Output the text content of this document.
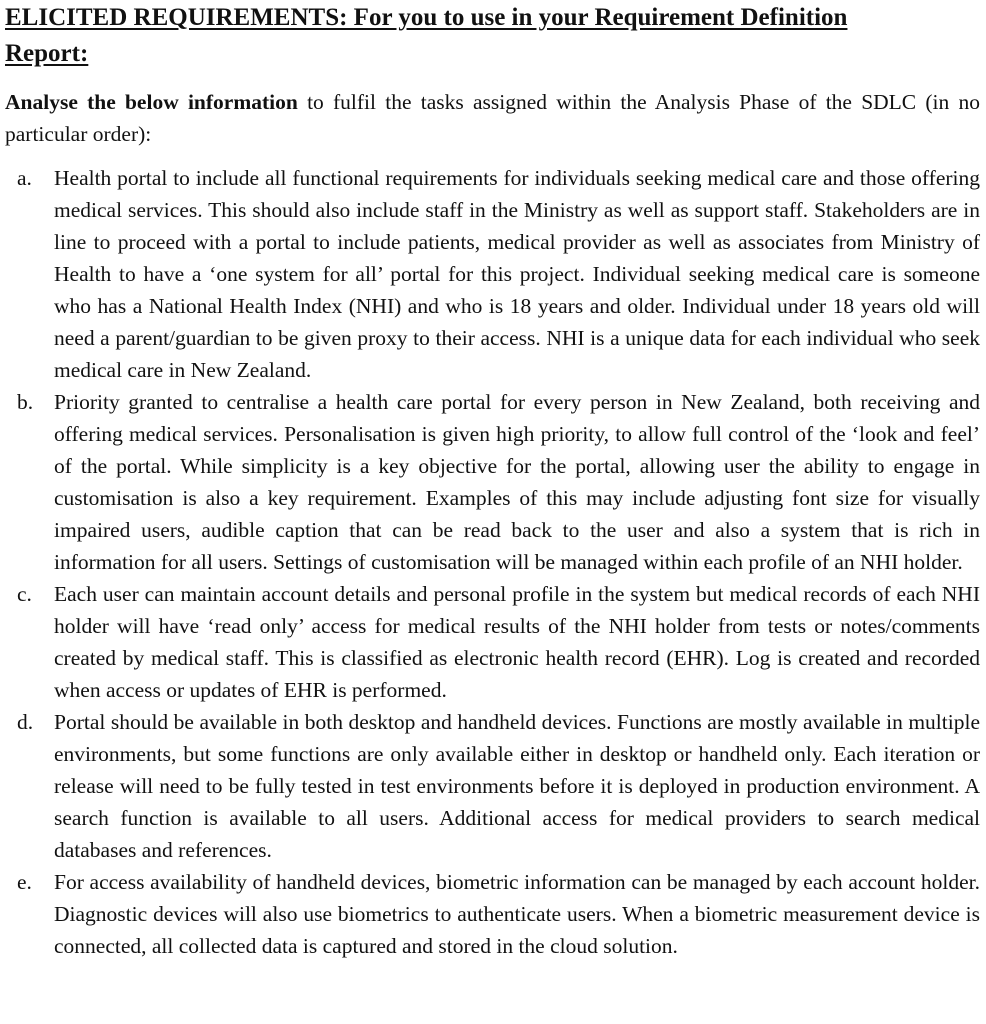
ELICITED REQUIREMENTS: For you to use in your Requirement Definition
Report:

Analyse the below information to fulfil the tasks assigned within the Analysis Phase of the SDLC (in no particular order):

a. Health portal to include all functional requirements for individuals seeking medical care and those offering medical services. This should also include staff in the Ministry as well as support staff. Stakeholders are in line to proceed with a portal to include patients, medical provider as well as associates from Ministry of Health to have a ‘one system for all’ portal for this project. Individual seeking medical care is someone who has a National Health Index (NHI) and who is 18 years and older. Individual under 18 years old will need a parent/guardian to be given proxy to their access. NHI is a unique data for each individual who seek medical care in New Zealand.
b. Priority granted to centralise a health care portal for every person in New Zealand, both receiving and offering medical services. Personalisation is given high priority, to allow full control of the ‘look and feel’ of the portal. While simplicity is a key objective for the portal, allowing user the ability to engage in customisation is also a key requirement. Examples of this may include adjusting font size for visually impaired users, audible caption that can be read back to the user and also a system that is rich in information for all users. Settings of customisation will be managed within each profile of an NHI holder.
c. Each user can maintain account details and personal profile in the system but medical records of each NHI holder will have ‘read only’ access for medical results of the NHI holder from tests or notes/comments created by medical staff. This is classified as electronic health record (EHR). Log is created and recorded when access or updates of EHR is performed.
d. Portal should be available in both desktop and handheld devices. Functions are mostly available in multiple environments, but some functions are only available either in desktop or handheld only. Each iteration or release will need to be fully tested in test environments before it is deployed in production environment. A search function is available to all users. Additional access for medical providers to search medical databases and references.
e. For access availability of handheld devices, biometric information can be managed by each account holder. Diagnostic devices will also use biometrics to authenticate users. When a biometric measurement device is connected, all collected data is captured and stored in the cloud solution.
